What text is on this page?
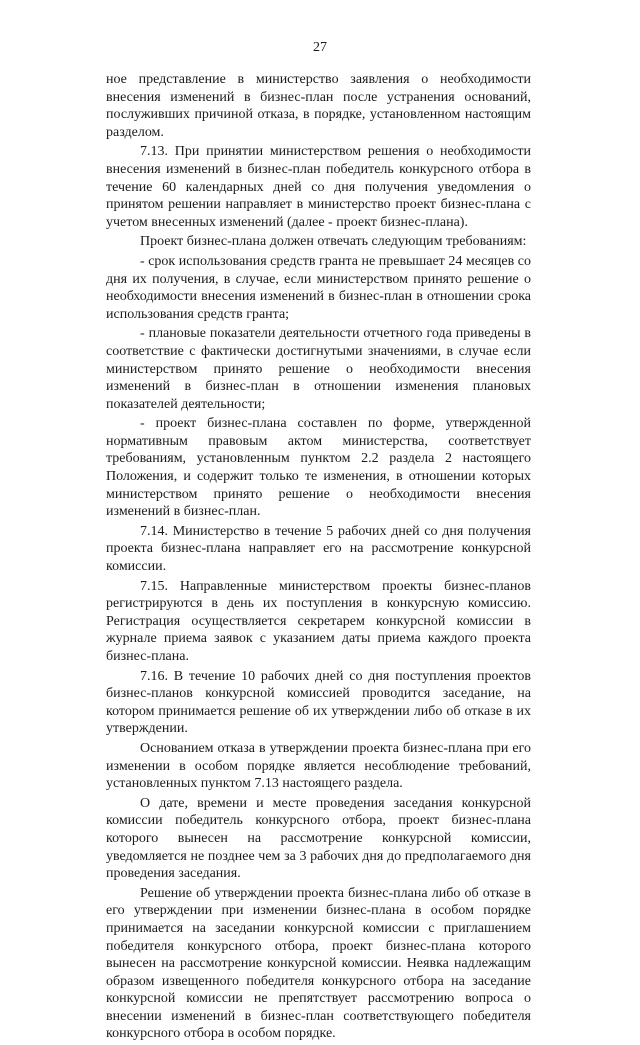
27

ное представление в министерство заявления о необходимости внесения изменений в бизнес-план после устранения оснований, послуживших причиной отказа, в порядке, установленном настоящим разделом.

7.13. При принятии министерством решения о необходимости внесения изменений в бизнес-план победитель конкурсного отбора в течение 60 календарных дней со дня получения уведомления о принятом решении направляет в министерство проект бизнес-плана с учетом внесенных изменений (далее - проект бизнес-плана).

Проект бизнес-плана должен отвечать следующим требованиям:

- срок использования средств гранта не превышает 24 месяцев со дня их получения, в случае, если министерством принято решение о необходимости внесения изменений в бизнес-план в отношении срока использования средств гранта;

- плановые показатели деятельности отчетного года приведены в соответствие с фактически достигнутыми значениями, в случае если министерством принято решение о необходимости внесения изменений в бизнес-план в отношении изменения плановых показателей деятельности;

- проект бизнес-плана составлен по форме, утвержденной нормативным правовым актом министерства, соответствует требованиям, установленным пунктом 2.2 раздела 2 настоящего Положения, и содержит только те изменения, в отношении которых министерством принято решение о необходимости внесения изменений в бизнес-план.

7.14. Министерство в течение 5 рабочих дней со дня получения проекта бизнес-плана направляет его на рассмотрение конкурсной комиссии.

7.15. Направленные министерством проекты бизнес-планов регистрируются в день их поступления в конкурсную комиссию. Регистрация осуществляется секретарем конкурсной комиссии в журнале приема заявок с указанием даты приема каждого проекта бизнес-плана.

7.16. В течение 10 рабочих дней со дня поступления проектов бизнес-планов конкурсной комиссией проводится заседание, на котором принимается решение об их утверждении либо об отказе в их утверждении.

Основанием отказа в утверждении проекта бизнес-плана при его изменении в особом порядке является несоблюдение требований, установленных пунктом 7.13 настоящего раздела.

О дате, времени и месте проведения заседания конкурсной комиссии победитель конкурсного отбора, проект бизнес-плана которого вынесен на рассмотрение конкурсной комиссии, уведомляется не позднее чем за 3 рабочих дня до предполагаемого дня проведения заседания.

Решение об утверждении проекта бизнес-плана либо об отказе в его утверждении при изменении бизнес-плана в особом порядке принимается на заседании конкурсной комиссии с приглашением победителя конкурсного отбора, проект бизнес-плана которого вынесен на рассмотрение конкурсной комиссии. Неявка надлежащим образом извещенного победителя конкурсного отбора на заседание конкурсной комиссии не препятствует рассмотрению вопроса о внесении изменений в бизнес-план соответствующего победителя конкурсного отбора в особом порядке.
